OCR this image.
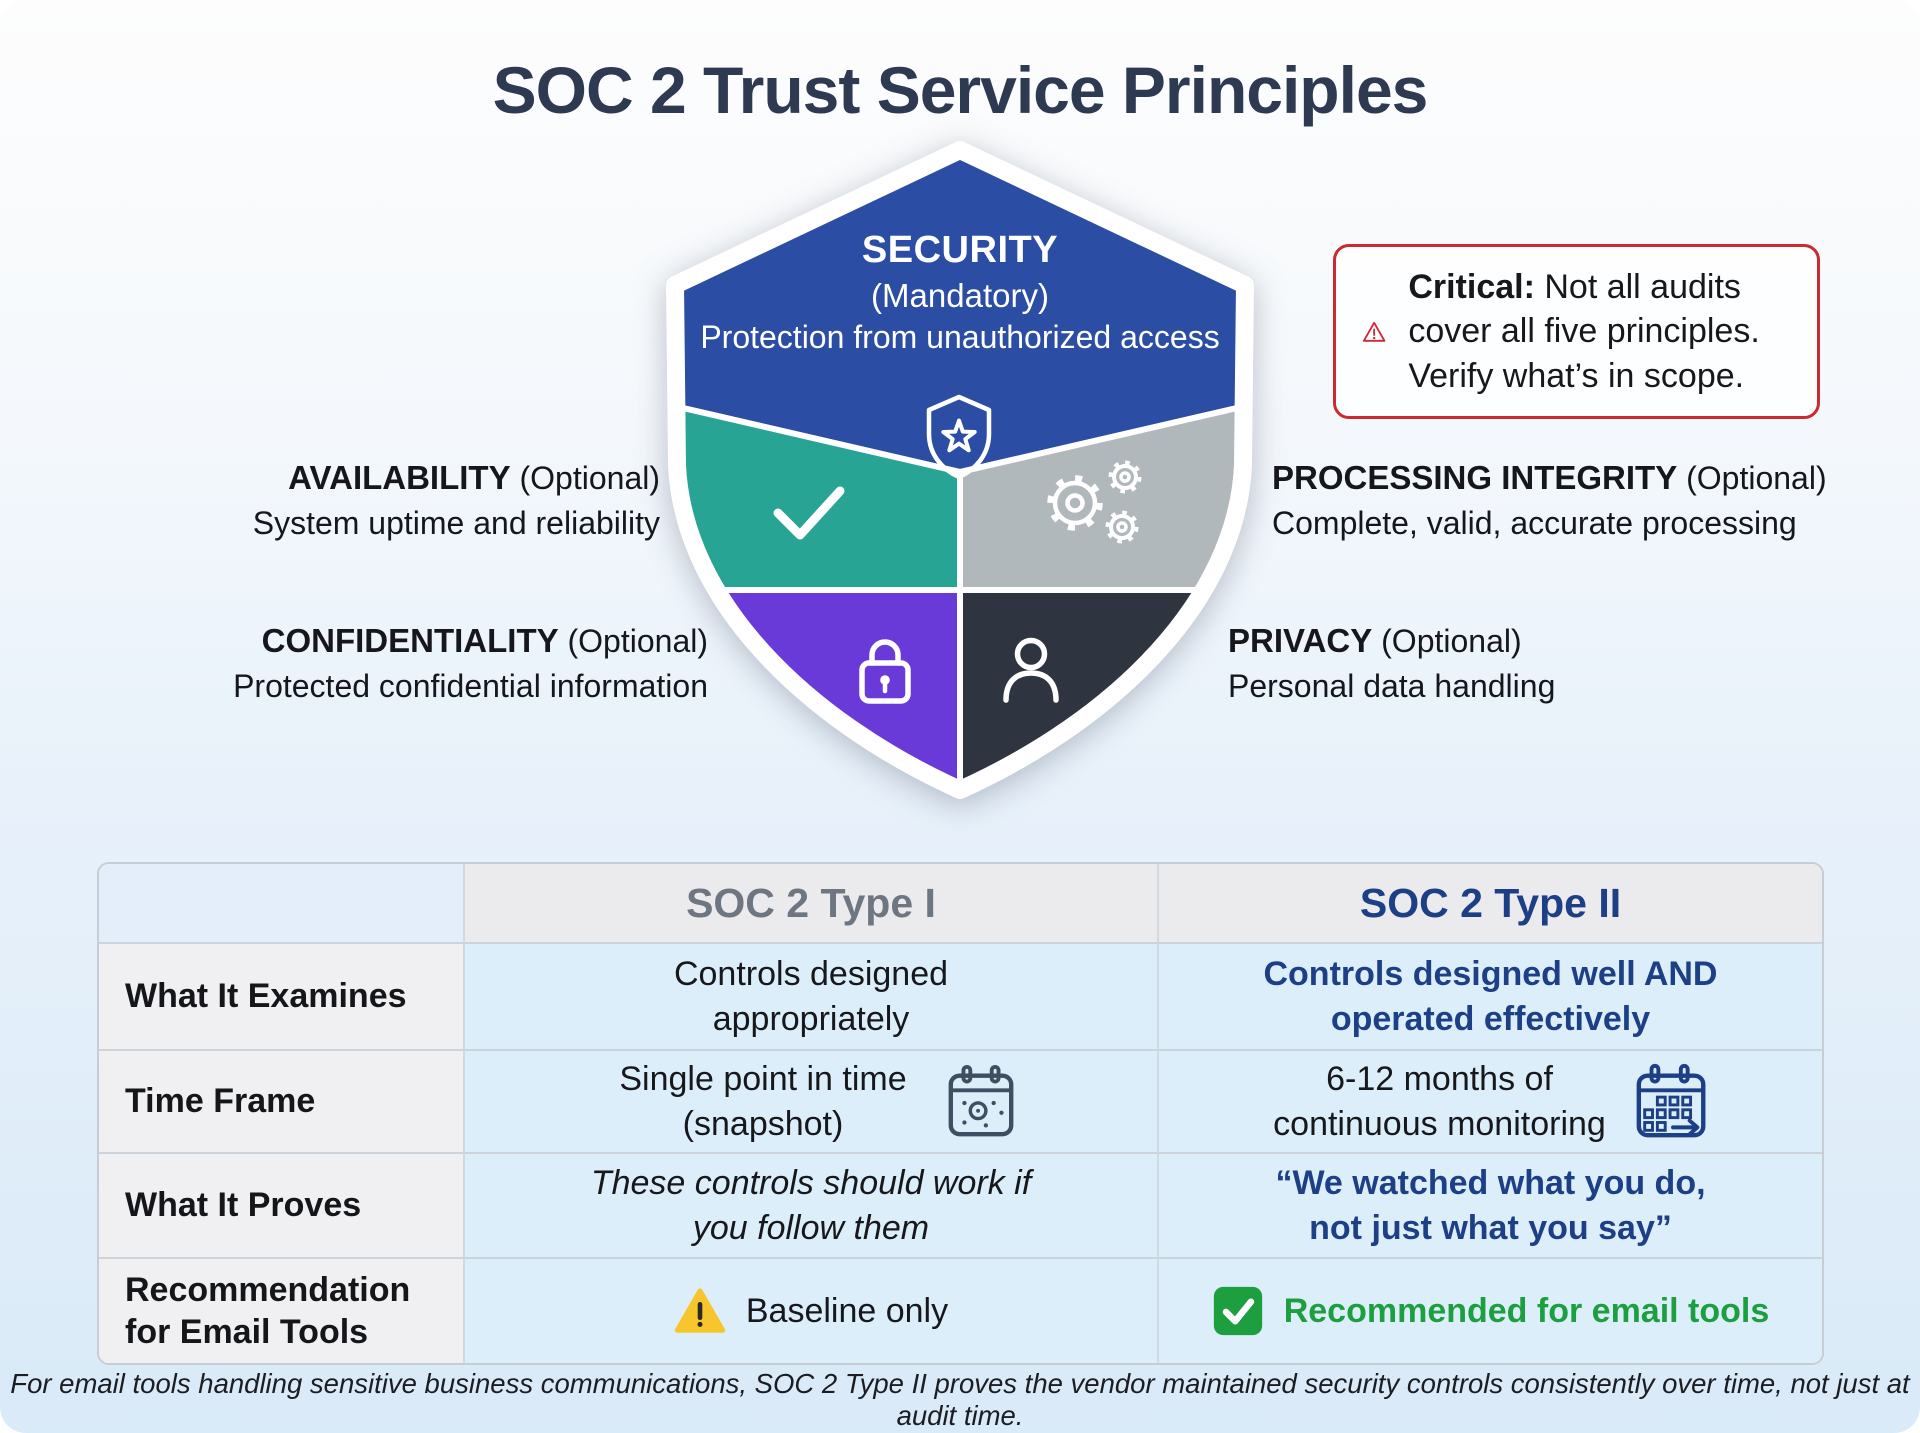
SOC 2 Trust Service Principles
SECURITY
(Mandatory)
Protection from unauthorized access
AVAILABILITY (Optional)
System uptime and reliability
PROCESSING INTEGRITY (Optional)
Complete, valid, accurate processing
CONFIDENTIALITY (Optional)
Protected confidential information
PRIVACY (Optional)
Personal data handling
Critical: Not all audits cover all five principles. Verify what’s in scope.
SOC 2 Type I	SOC 2 Type II
What It Examines
Controls designed appropriately
Controls designed well AND operated effectively
Time Frame
Single point in time (snapshot)
6-12 months of continuous monitoring
What It Proves
These controls should work if you follow them
“We watched what you do, not just what you say”
Recommendation for Email Tools
Baseline only	Recommended for email tools
For email tools handling sensitive business communications, SOC 2 Type II proves the vendor maintained security controls consistently over time, not just at audit time.
